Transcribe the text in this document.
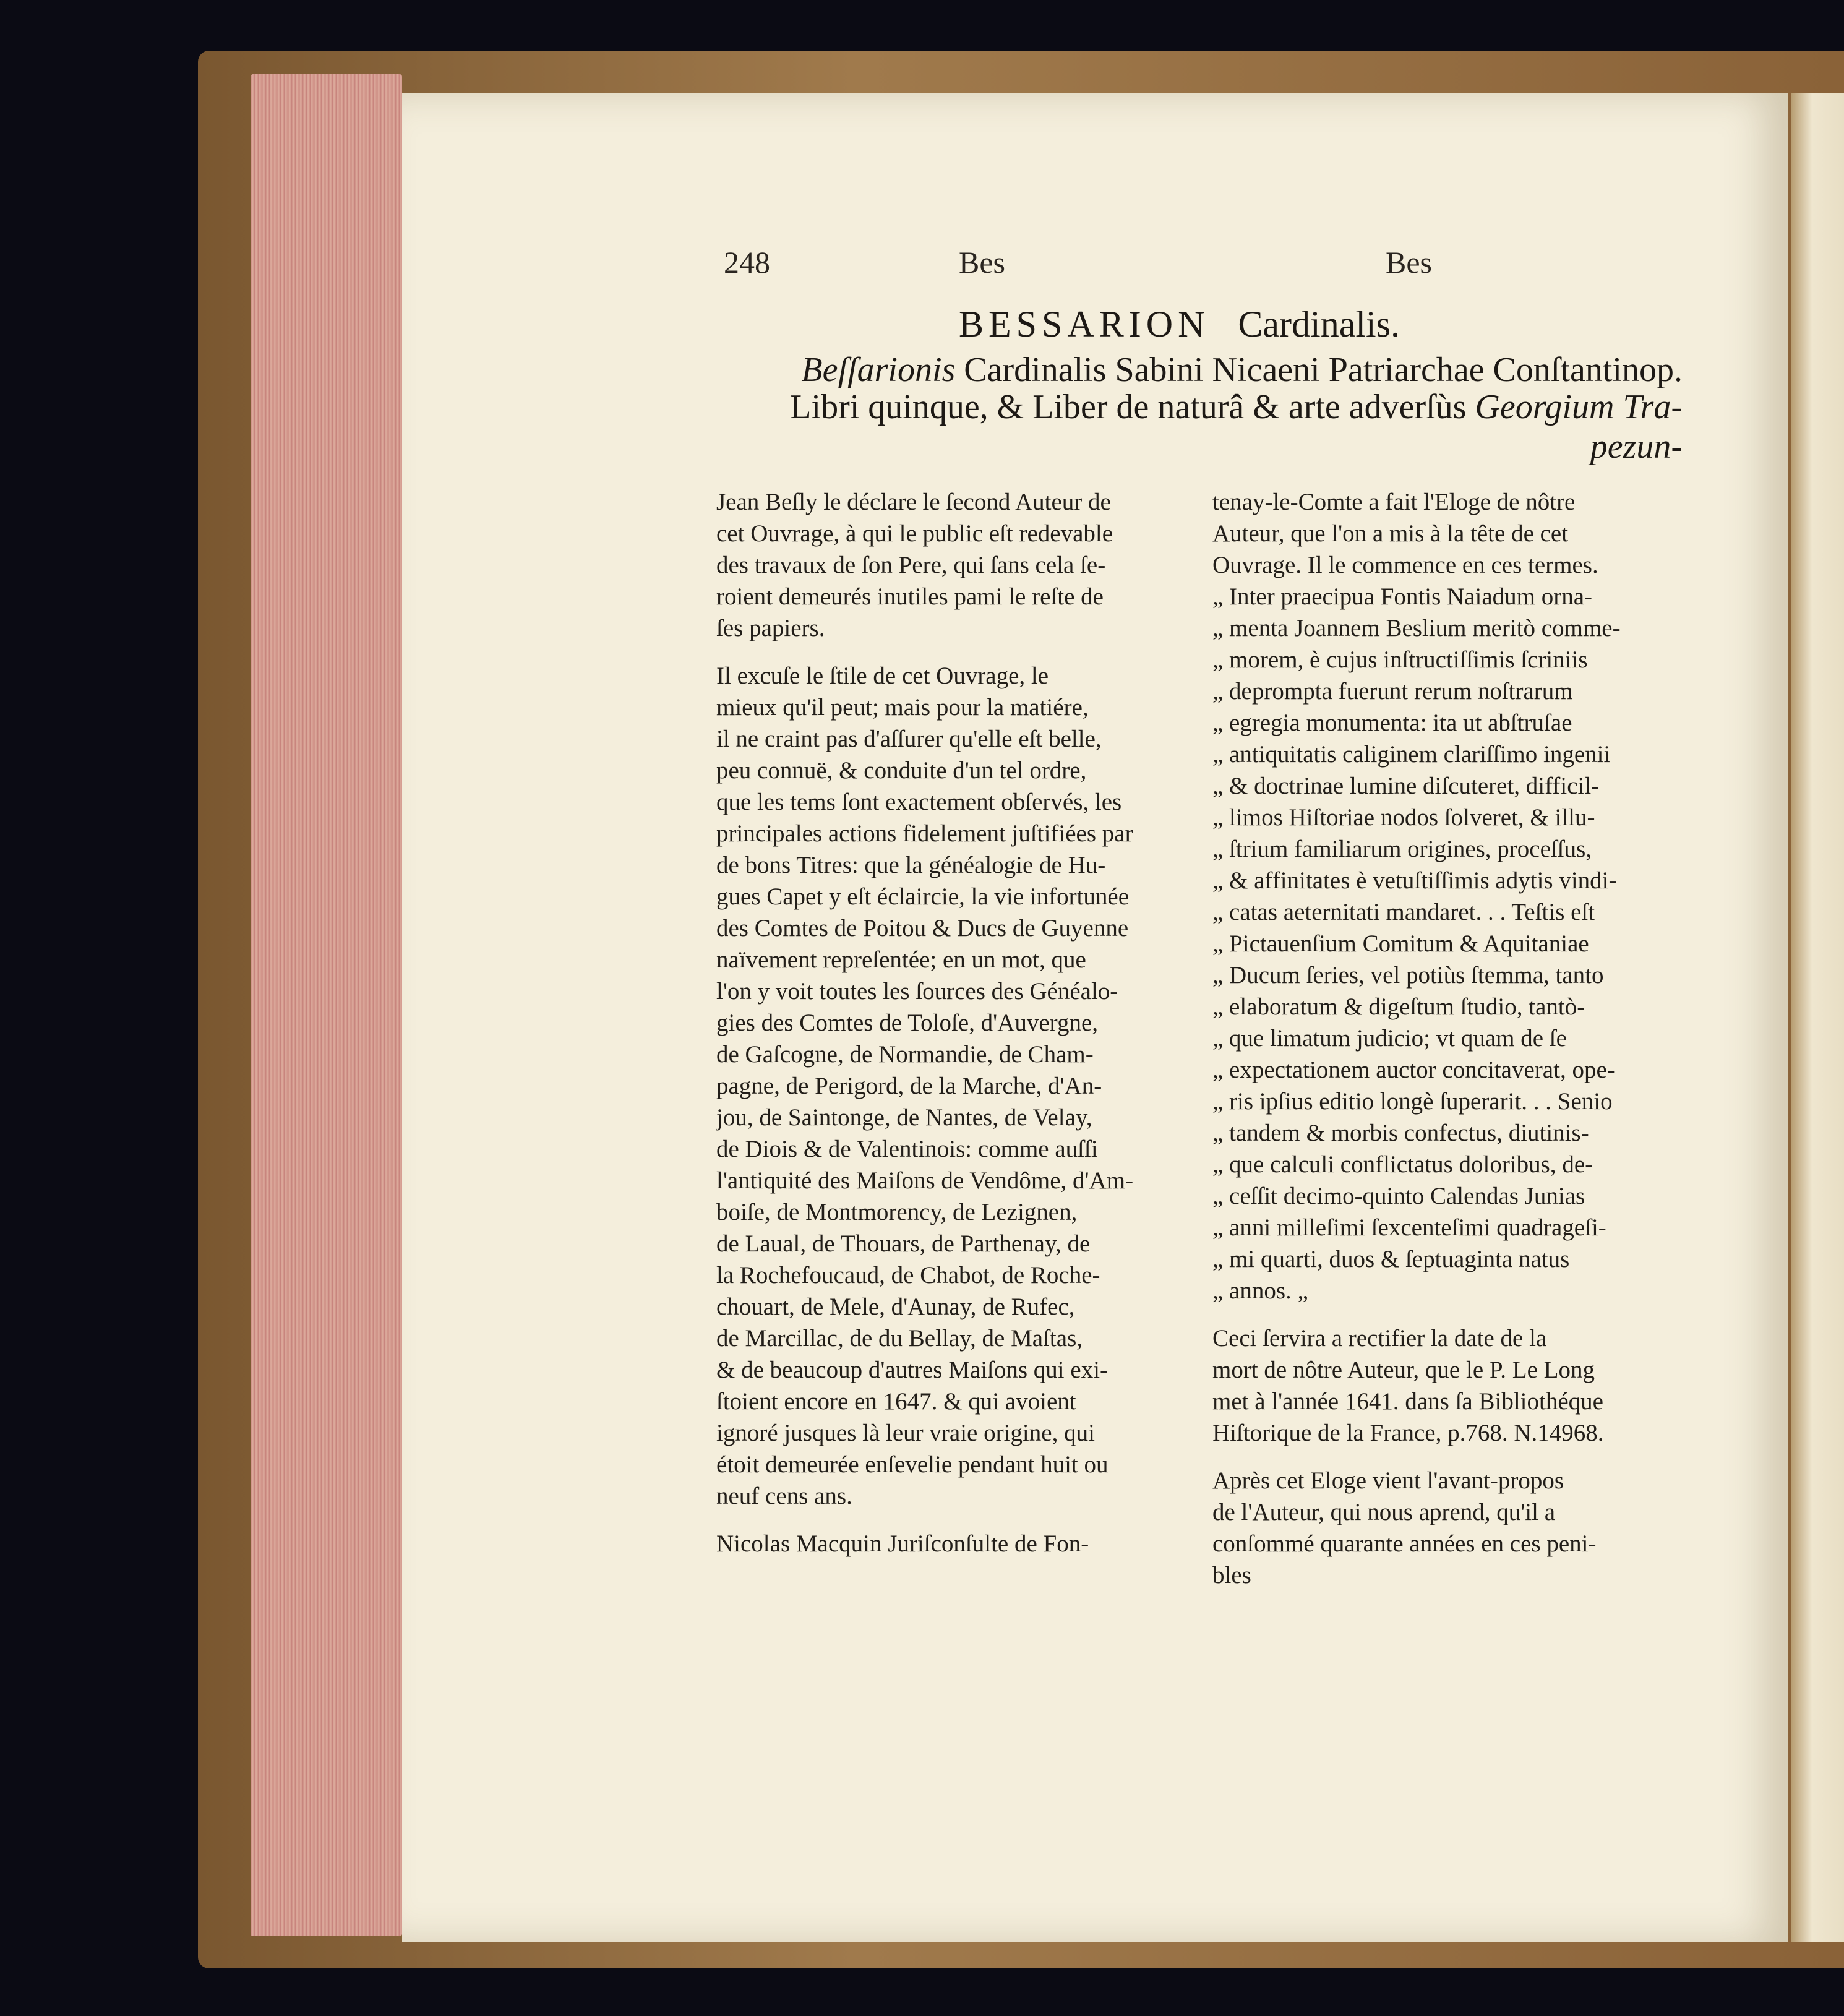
248	Bes	Bes
BESSARION Cardinalis.
Beſſarionis Cardinalis Sabini Nicaeni Patriarchae Conſtantinop.
Libri quinque, & Liber de naturâ & arte adverſùs Georgium Tra-
pezun-
Jean Beſly le déclare le ſecond Auteur de
cet Ouvrage, à qui le public eſt redevable
des travaux de ſon Pere, qui ſans cela ſe-
roient demeurés inutiles pami le reſte de
ſes papiers.
Il excuſe le ſtile de cet Ouvrage, le
mieux qu'il peut; mais pour la matiére,
il ne craint pas d'aſſurer qu'elle eſt belle,
peu connuë, & conduite d'un tel ordre,
que les tems ſont exactement obſervés, les
principales actions fidelement juſtifiées par
de bons Titres: que la généalogie de Hu-
gues Capet y eſt éclaircie, la vie infortunée
des Comtes de Poitou & Ducs de Guyenne
naïvement repreſentée; en un mot, que
l'on y voit toutes les ſources des Généalo-
gies des Comtes de Toloſe, d'Auvergne,
de Gaſcogne, de Normandie, de Cham-
pagne, de Perigord, de la Marche, d'An-
jou, de Saintonge, de Nantes, de Velay,
de Diois & de Valentinois: comme auſſi
l'antiquité des Maiſons de Vendôme, d'Am-
boiſe, de Montmorency, de Lezignen,
de Laual, de Thouars, de Parthenay, de
la Rochefoucaud, de Chabot, de Roche-
chouart, de Mele, d'Aunay, de Rufec,
de Marcillac, de du Bellay, de Maſtas,
& de beaucoup d'autres Maiſons qui exi-
ſtoient encore en 1647. & qui avoient
ignoré jusques là leur vraie origine, qui
étoit demeurée enſevelie pendant huit ou
neuf cens ans.
Nicolas Macquin Juriſconſulte de Fon-
tenay-le-Comte a fait l'Eloge de nôtre
Auteur, que l'on a mis à la tête de cet
Ouvrage. Il le commence en ces termes.
„ Inter praecipua Fontis Naiadum orna-
„ menta Joannem Beslium meritò comme-
„ morem, è cujus inſtructiſſimis ſcriniis
„ deprompta fuerunt rerum noſtrarum
„ egregia monumenta: ita ut abſtruſae
„ antiquitatis caliginem clariſſimo ingenii
„ & doctrinae lumine diſcuteret, difficil-
„ limos Hiſtoriae nodos ſolveret, & illu-
„ ſtrium familiarum origines, proceſſus,
„ & affinitates è vetuſtiſſimis adytis vindi-
„ catas aeternitati mandaret. . . Teſtis eſt
„ Pictauenſium Comitum & Aquitaniae
„ Ducum ſeries, vel potiùs ſtemma, tanto
„ elaboratum & digeſtum ſtudio, tantò-
„ que limatum judicio; vt quam de ſe
„ expectationem auctor concitaverat, ope-
„ ris ipſius editio longè ſuperarit. . . Senio
„ tandem & morbis confectus, diutinis-
„ que calculi conflictatus doloribus, de-
„ ceſſit decimo-quinto Calendas Junias
„ anni milleſimi ſexcenteſimi quadrageſi-
„ mi quarti, duos & ſeptuaginta natus
„ annos. „
Ceci ſervira a rectifier la date de la
mort de nôtre Auteur, que le P. Le Long
met à l'année 1641. dans ſa Bibliothéque
Hiſtorique de la France, p.768. N.14968.
Après cet Eloge vient l'avant-propos
de l'Auteur, qui nous aprend, qu'il a
conſommé quarante années en ces peni-
bles
